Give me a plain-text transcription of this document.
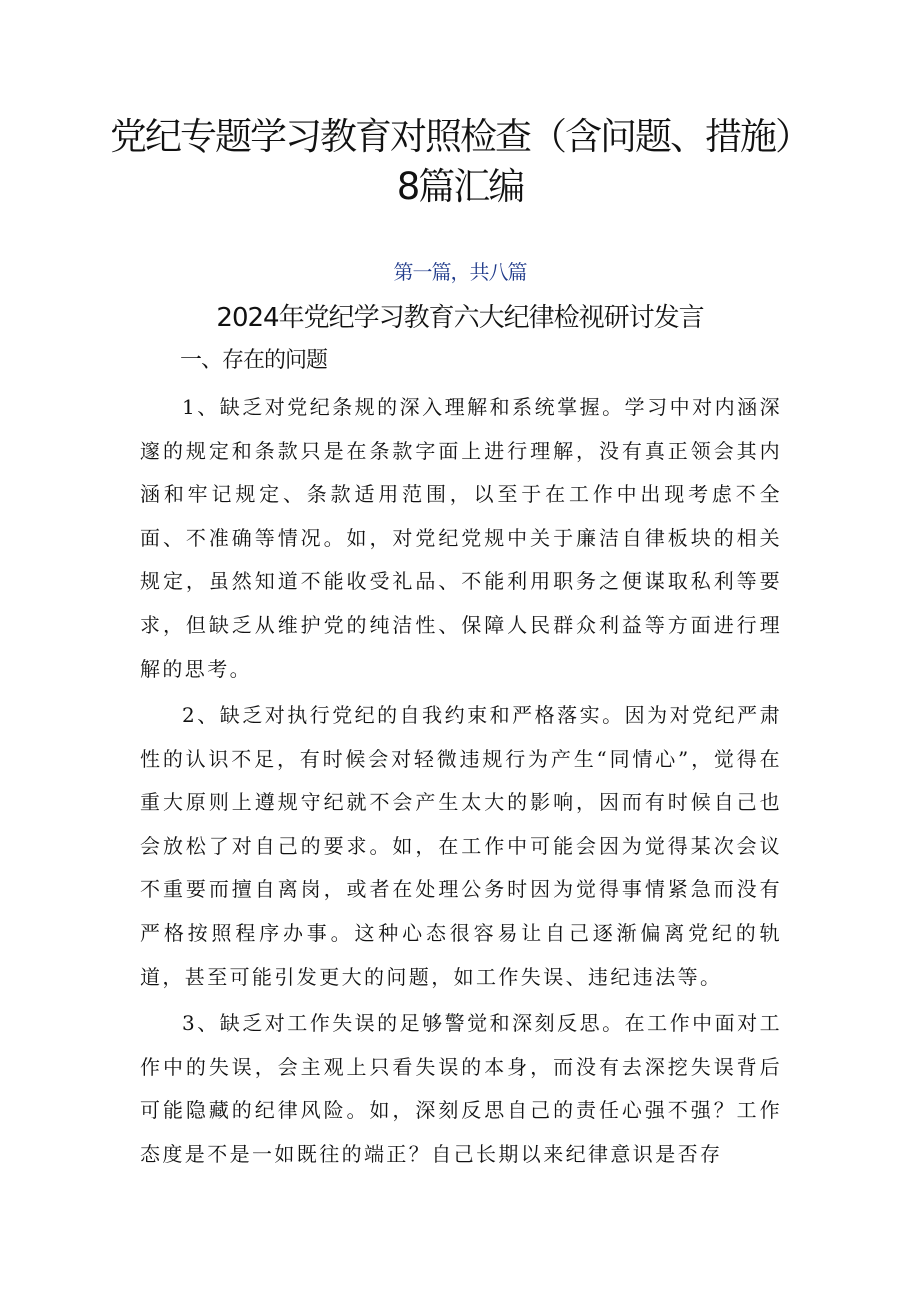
党纪专题学习教育对照检查（含问题、措施）8篇汇编
第一篇，共八篇
2024年党纪学习教育六大纪律检视研讨发言
一、存在的问题

1、缺乏对党纪条规的深入理解和系统掌握。学习中对内涵深邃的规定和条款只是在条款字面上进行理解，没有真正领会其内涵和牢记规定、条款适用范围，以至于在工作中出现考虑不全面、不准确等情况。如，对党纪党规中关于廉洁自律板块的相关规定，虽然知道不能收受礼品、不能利用职务之便谋取私利等要求，但缺乏从维护党的纯洁性、保障人民群众利益等方面进行理解的思考。

2、缺乏对执行党纪的自我约束和严格落实。因为对党纪严肃性的认识不足，有时候会对轻微违规行为产生“同情心”，觉得在重大原则上遵规守纪就不会产生太大的影响，因而有时候自己也会放松了对自己的要求。如，在工作中可能会因为觉得某次会议不重要而擅自离岗，或者在处理公务时因为觉得事情紧急而没有严格按照程序办事。这种心态很容易让自己逐渐偏离党纪的轨道，甚至可能引发更大的问题，如工作失误、违纪违法等。

3、缺乏对工作失误的足够警觉和深刻反思。在工作中面对工作中的失误，会主观上只看失误的本身，而没有去深挖失误背后可能隐藏的纪律风险。如，深刻反思自己的责任心强不强？工作态度是不是一如既往的端正？自己长期以来纪律意识是否存
